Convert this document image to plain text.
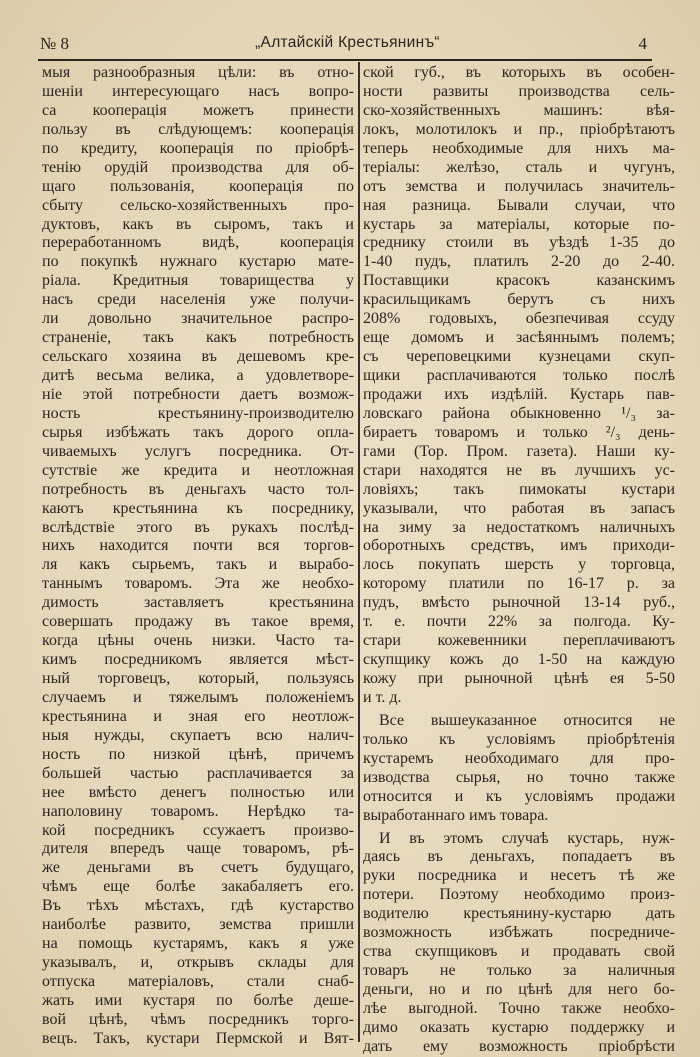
№ 8	„Алтайскій Крестьянинъ“	4
мыя разнообразныя цѣли: въ отно-
шеніи интересующаго насъ вопро-
са кооперація можетъ принести
пользу въ слѣдующемъ: кооперація
по кредиту, кооперація по пріобрѣ-
тенію орудій производства для об-
щаго пользованія, кооперація по
сбыту сельско-хозяйственныхъ про-
дуктовъ, какъ въ сыромъ, такъ и
переработанномъ видѣ, кооперація
по покупкѣ нужнаго кустарю мате-
ріала. Кредитныя товарищества у
насъ среди населенія уже получи-
ли довольно значительное распро-
страненіе, такъ какъ потребность
сельскаго хозяина въ дешевомъ кре-
дитѣ весьма велика, а удовлетворе-
ніе этой потребности даетъ возмож-
ность крестьянину-производителю
сырья избѣжать такъ дорого опла-
чиваемыхъ услугъ посредника. От-
сутствіе же кредита и неотложная
потребность въ деньгахъ часто тол-
каютъ крестьянина къ посреднику,
вслѣдствіе этого въ рукахъ послѣд-
нихъ находится почти вся торгов-
ля какъ сырьемъ, такъ и вырабо-
таннымъ товаромъ. Эта же необхо-
димость заставляетъ крестьянина
совершать продажу въ такое время,
когда цѣны очень низки. Часто та-
кимъ посредникомъ является мѣст-
ный торговецъ, который, пользуясь
случаемъ и тяжелымъ положеніемъ
крестьянина и зная его неотлож-
ныя нужды, скупаетъ всю налич-
ность по низкой цѣнѣ, причемъ
большей частью расплачивается за
нее вмѣсто денегъ полностью или
наполовину товаромъ. Нерѣдко та-
кой посредникъ ссужаетъ произво-
дителя впередъ чаще товаромъ, рѣ-
же деньгами въ счетъ будущаго,
чѣмъ еще болѣе закабаляетъ его.
Въ тѣхъ мѣстахъ, гдѣ кустарство
наиболѣе развито, земства пришли
на помощь кустарямъ, какъ я уже
указывалъ, и, открывъ склады для
отпуска матеріаловъ, стали снаб-
жать ими кустаря по болѣе деше-
вой цѣнѣ, чѣмъ посредникъ торго-
вецъ. Такъ, кустари Пермской и Вят-
ской губ., въ которыхъ въ особен-
ности развиты производства сель-
ско-хозяйственныхъ машинъ: вѣя-
локъ, молотилокъ и пр., пріобрѣтаютъ
теперь необходимые для нихъ ма-
теріалы: желѣзо, сталь и чугунъ,
отъ земства и получилась значитель-
ная разница. Бывали случаи, что
кустарь за матеріалы, которые по-
среднику стоили въ уѣздѣ 1-35 до
1-40 пудъ, платилъ 2-20 до 2-40.
Поставщики красокъ казанскимъ
красильщикамъ берутъ съ нихъ
208% годовыхъ, обезпечивая ссуду
еще домомъ и засѣяннымъ полемъ;
съ череповецкими кузнецами скуп-
щики расплачиваются только послѣ
продажи ихъ издѣлій. Кустарь пав-
ловскаго района обыкновенно ¹/₃ за-
бираетъ товаромъ и только ²/₃ день-
гами (Тор. Пром. газета). Наши ку-
стари находятся не въ лучшихъ ус-
ловіяхъ; такъ пимокаты кустари
указывали, что работая въ запасъ
на зиму за недостаткомъ наличныхъ
оборотныхъ средствъ, имъ приходи-
лось покупать шерсть у торговца,
которому платили по 16-17 р. за
пудъ, вмѣсто рыночной 13-14 руб.,
т. е. почти 22% за полгода. Ку-
стари кожевенники переплачиваютъ
скупщику кожъ до 1-50 на каждую
кожу при рыночной цѣнѣ ея 5-50
и т. д.
Все вышеуказанное относится не
только къ условіямъ пріобрѣтенія
кустаремъ необходимаго для про-
изводства сырья, но точно также
относится и къ условіямъ продажи
выработаннаго имъ товара.
И въ этомъ случаѣ кустарь, нуж-
даясь въ деньгахъ, попадаетъ въ
руки посредника и несетъ тѣ же
потери. Поэтому необходимо произ-
водителю крестьянину-кустарю дать
возможность избѣжать посредниче-
ства скупщиковъ и продавать свой
товаръ не только за наличныя
деньги, но и по цѣнѣ для него бо-
лѣе выгодной. Точно также необхо-
димо оказать кустарю поддержку и
дать ему возможность пріобрѣсти
